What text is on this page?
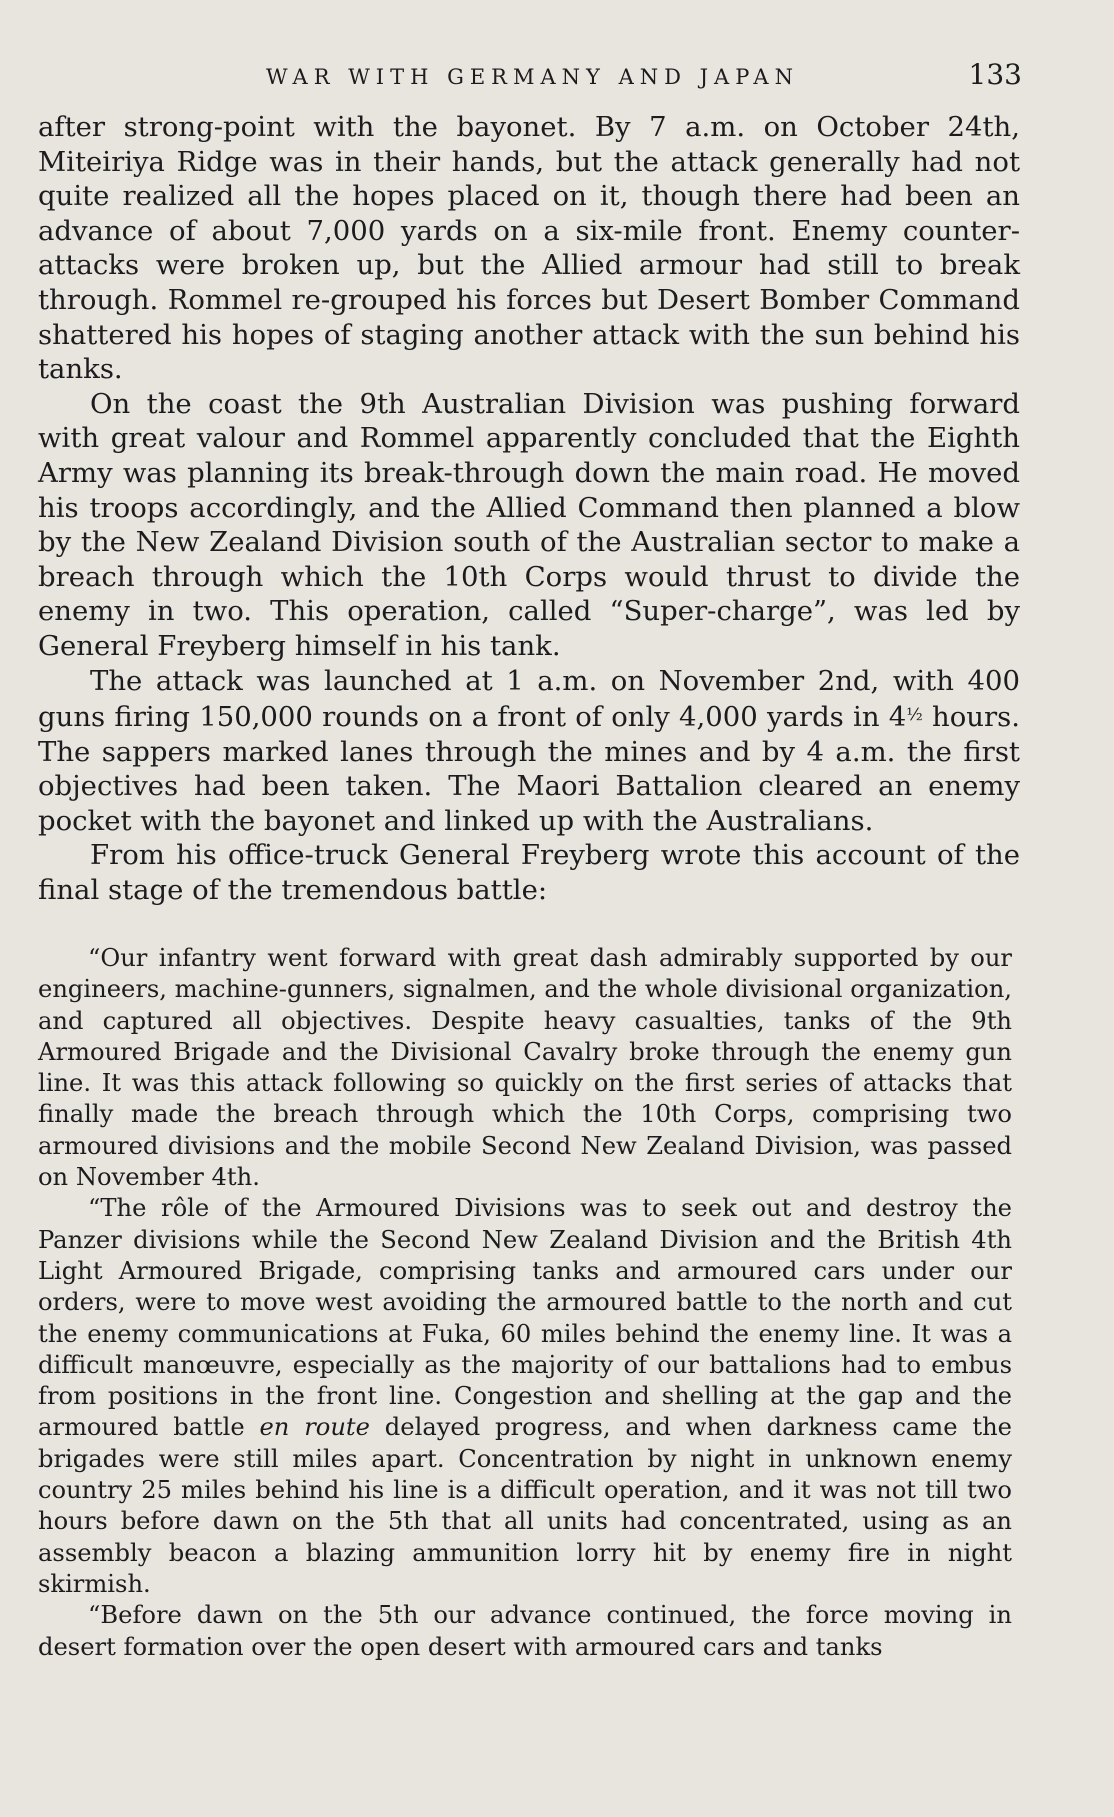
WAR WITH GERMANY AND JAPAN	133

after strong-point with the bayonet. By 7 a.m. on October 24th, Miteiriya Ridge was in their hands, but the attack generally had not quite realized all the hopes placed on it, though there had been an advance of about 7,000 yards on a six-mile front. Enemy counter-attacks were broken up, but the Allied armour had still to break through. Rommel re-grouped his forces but Desert Bomber Command shattered his hopes of staging another attack with the sun behind his tanks.

On the coast the 9th Australian Division was pushing forward with great valour and Rommel apparently concluded that the Eighth Army was planning its break-through down the main road. He moved his troops accordingly, and the Allied Command then planned a blow by the New Zealand Division south of the Australian sector to make a breach through which the 10th Corps would thrust to divide the enemy in two. This operation, called “Super-charge”, was led by General Freyberg himself in his tank.

The attack was launched at 1 a.m. on November 2nd, with 400 guns firing 150,000 rounds on a front of only 4,000 yards in $4^{\frac{1}{2}}$ hours. The sappers marked lanes through the mines and by 4 a.m. the first objectives had been taken. The Maori Battalion cleared an enemy pocket with the bayonet and linked up with the Australians.

From his office-truck General Freyberg wrote this account of the final stage of the tremendous battle:

“Our infantry went forward with great dash admirably supported by our engineers, machine-gunners, signalmen, and the whole divisional organization, and captured all objectives. Despite heavy casualties, tanks of the 9th Armoured Brigade and the Divisional Cavalry broke through the enemy gun line. It was this attack following so quickly on the first series of attacks that finally made the breach through which the 10th Corps, comprising two armoured divisions and the mobile Second New Zealand Division, was passed on November 4th.

“The rôle of the Armoured Divisions was to seek out and destroy the Panzer divisions while the Second New Zealand Division and the British 4th Light Armoured Brigade, comprising tanks and armoured cars under our orders, were to move west avoiding the armoured battle to the north and cut the enemy communications at Fuka, 60 miles behind the enemy line. It was a difficult manœuvre, especially as the majority of our battalions had to embus from positions in the front line. Congestion and shelling at the gap and the armoured battle en route delayed progress, and when darkness came the brigades were still miles apart. Concentration by night in unknown enemy country 25 miles behind his line is a difficult operation, and it was not till two hours before dawn on the 5th that all units had concentrated, using as an assembly beacon a blazing ammunition lorry hit by enemy fire in night skirmish.

“Before dawn on the 5th our advance continued, the force moving in desert formation over the open desert with armoured cars and tanks
